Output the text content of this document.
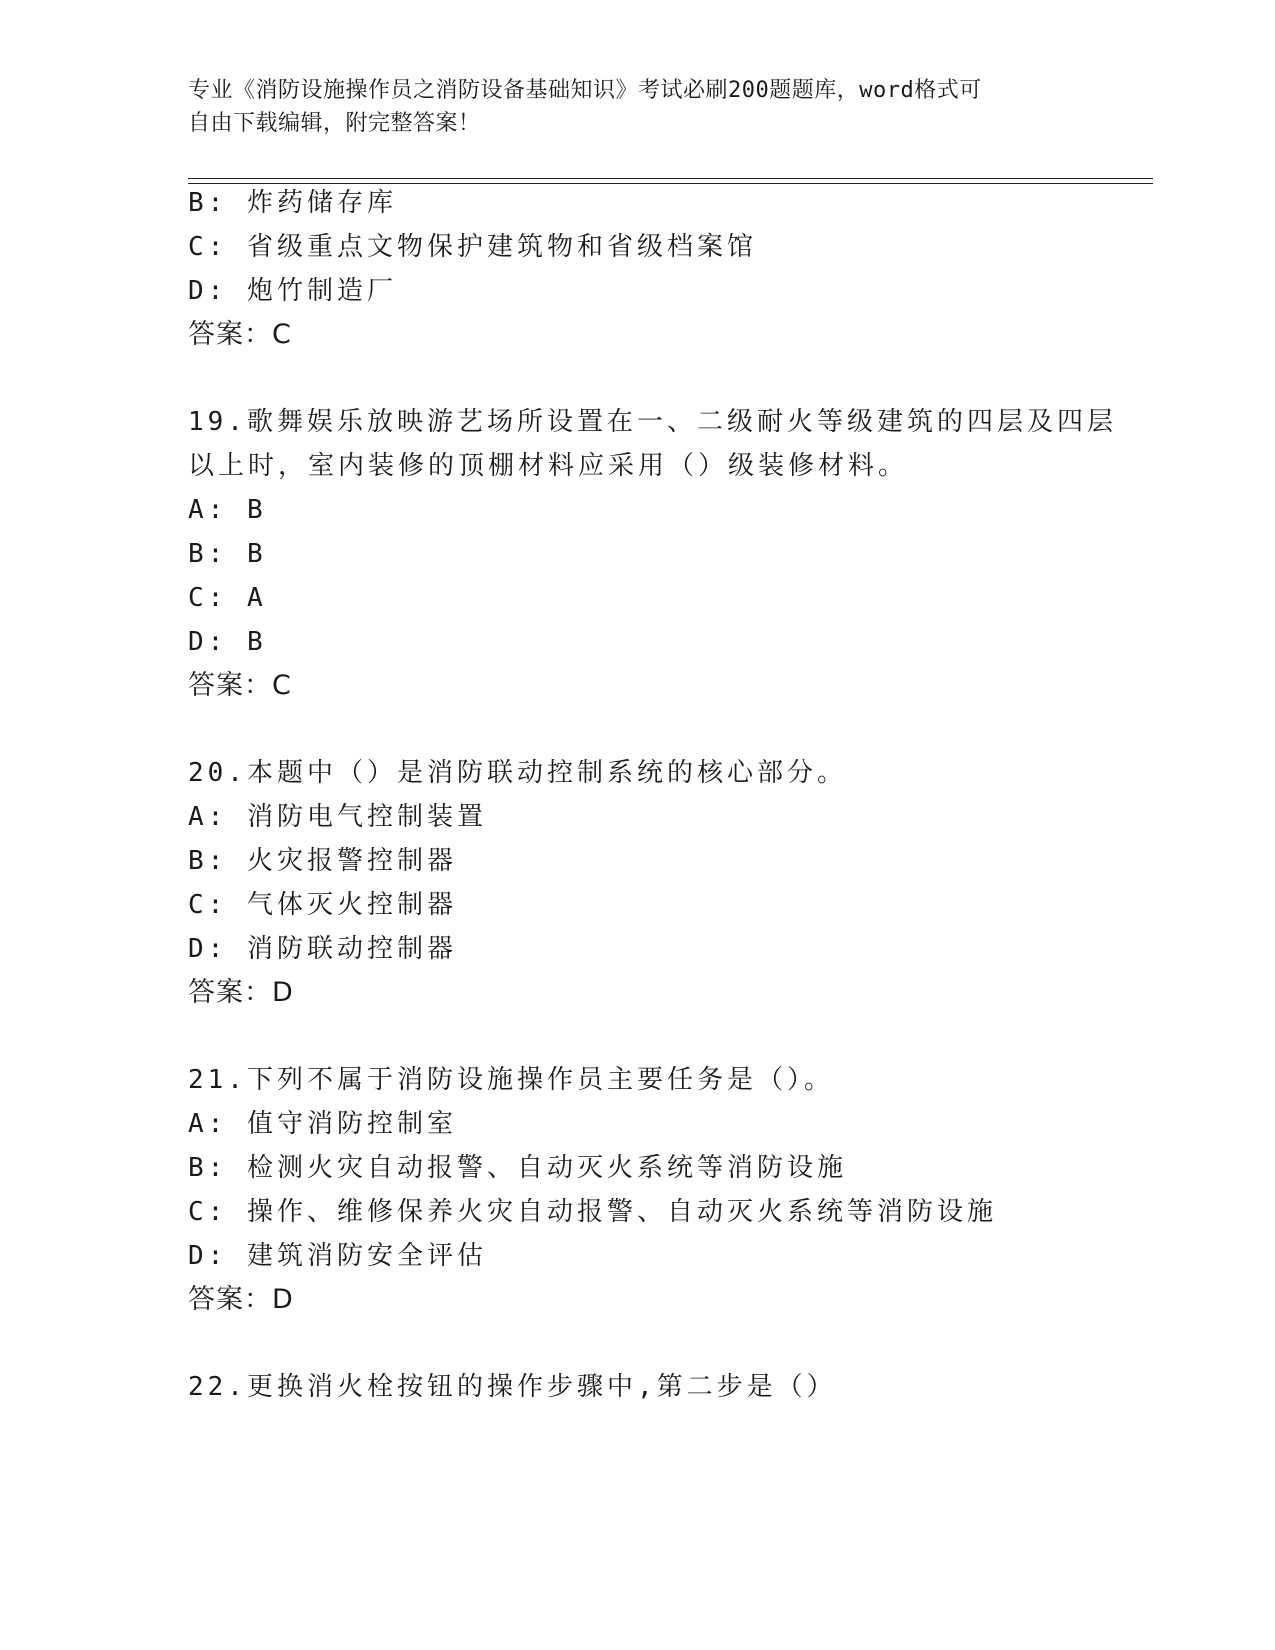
专业《消防设施操作员之消防设备基础知识》考试必刷200题题库，word格式可
自由下载编辑，附完整答案！
B: 炸药储存库
C: 省级重点文物保护建筑物和省级档案馆
D: 炮竹制造厂
答案：C
19.歌舞娱乐放映游艺场所设置在一、二级耐火等级建筑的四层及四层
以上时，室内装修的顶棚材料应采用（）级装修材料。
A: B
B: B
C: A
D: B
答案：C
20.本题中（）是消防联动控制系统的核心部分。
A: 消防电气控制装置
B: 火灾报警控制器
C: 气体灭火控制器
D: 消防联动控制器
答案：D
21.下列不属于消防设施操作员主要任务是（）。
A: 值守消防控制室
B: 检测火灾自动报警、自动灭火系统等消防设施
C: 操作、维修保养火灾自动报警、自动灭火系统等消防设施
D: 建筑消防安全评估
答案：D
22.更换消火栓按钮的操作步骤中,第二步是（）
